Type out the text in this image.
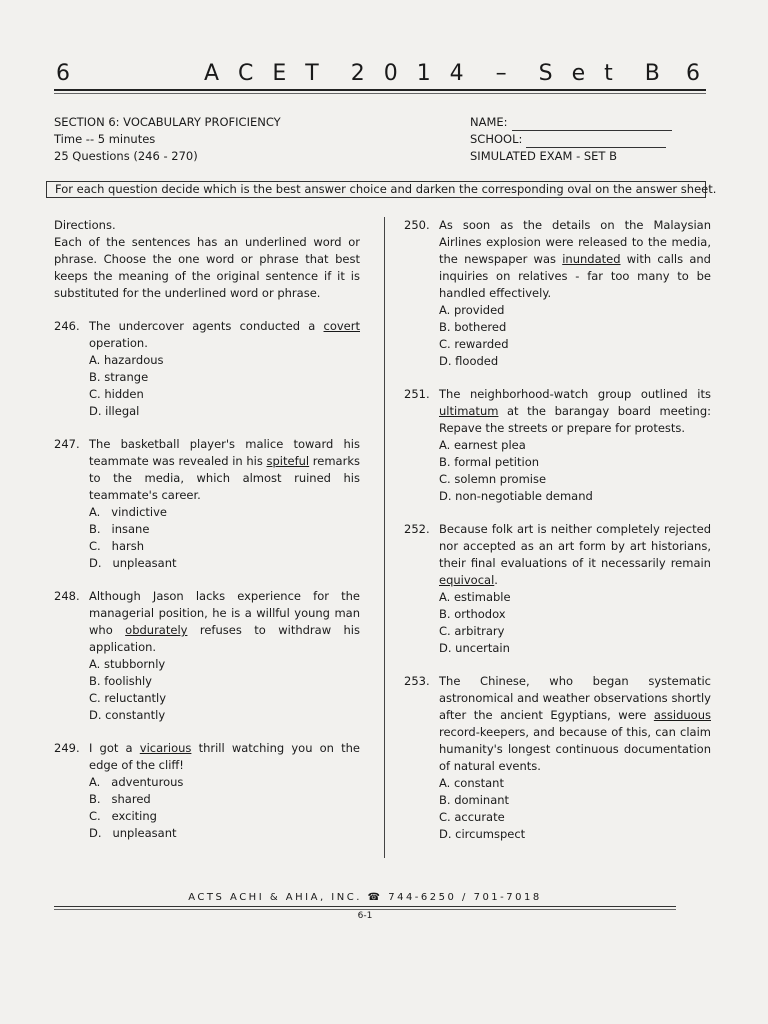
6	A C E T  2 0 1 4  –  S e t  B 6
SECTION 6: VOCABULARY PROFICIENCY
Time -- 5 minutes
25 Questions (246 - 270)
NAME:
SCHOOL:
SIMULATED EXAM - SET B
For each question decide which is the best answer choice and darken the corresponding oval on the answer sheet.

Directions.

Each of the sentences has an underlined word or phrase. Choose the one word or phrase that best keeps the meaning of the original sentence if it is substituted for the underlined word or phrase.

246. The undercover agents conducted a covert operation.

A. hazardous

B. strange

C. hidden

D. illegal

247. The basketball player's malice toward his teammate was revealed in his spiteful remarks to the media, which almost ruined his teammate's career.

A.   vindictive

B.   insane

C.   harsh

D.   unpleasant

248. Although Jason lacks experience for the managerial position, he is a willful young man who obdurately refuses to withdraw his application.

A. stubbornly

B. foolishly

C. reluctantly

D. constantly

249. I got a vicarious thrill watching you on the edge of the cliff!

A.   adventurous

B.   shared

C.   exciting

D.   unpleasant

250. As soon as the details on the Malaysian Airlines explosion were released to the media, the newspaper was inundated with calls and inquiries on relatives - far too many to be handled effectively.

A. provided

B. bothered

C. rewarded

D. flooded

251. The neighborhood-watch group outlined its ultimatum at the barangay board meeting: Repave the streets or prepare for protests.

A. earnest plea

B. formal petition

C. solemn promise

D. non-negotiable demand

252. Because folk art is neither completely rejected nor accepted as an art form by art historians, their final evaluations of it necessarily remain equivocal.

A. estimable

B. orthodox

C. arbitrary

D. uncertain

253. The Chinese, who began systematic astronomical and weather observations shortly after the ancient Egyptians, were assiduous record-keepers, and because of this, can claim humanity's longest continuous documentation of natural events.

A. constant

B. dominant

C. accurate

D. circumspect

ACTS ACHI & AHIA, INC. ☎ 744-6250 / 701-7018
6-1
